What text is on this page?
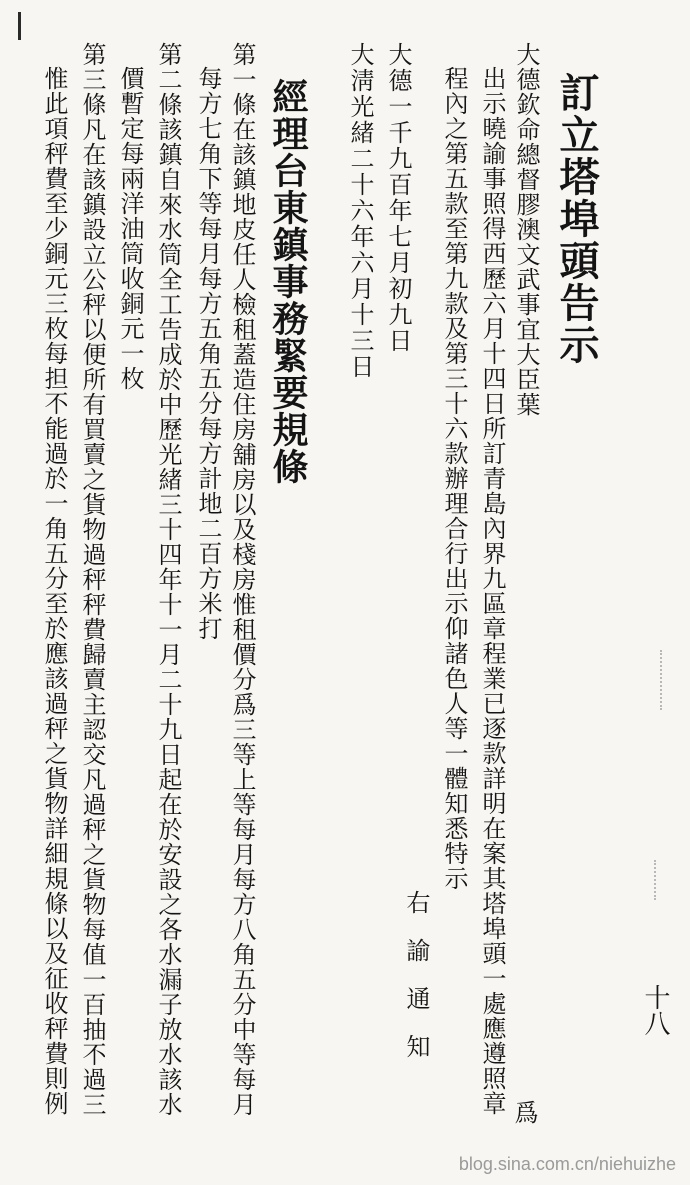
訂立塔埠頭告示
大德欽命總督膠澳文武事宜大臣葉
出示曉諭事照得西歷六月十四日所訂青島內界九區章程業已逐款詳明在案其塔埠頭一處應遵照章 爲
程內之第五款至第九款及第三十六款辦理合行出示仰諸色人等一體知悉特示
右諭通知
大德一千九百年七月初九日
大淸光緒二十六年六月十三日
經理台東鎮事務緊要規條
第一條在該鎮地皮任人檢租蓋造住房舖房以及棧房惟租價分爲三等上等每月每方八角五分中等每月
每方七角下等每月每方五角五分每方計地二百方米打
第二條該鎮自來水筒全工告成於中歷光緒三十四年十一月二十九日起在於安設之各水漏子放水該水
價暫定每兩洋油筒收銅元一枚
第三條凡在該鎮設立公秤以便所有買賣之貨物過秤秤費歸賣主認交凡過秤之貨物每值一百抽不過三
惟此項秤費至少銅元三枚每担不能過於一角五分至於應該過秤之貨物詳細規條以及征收秤費則例	十八
blog.sina.com.cn/niehuizhe
